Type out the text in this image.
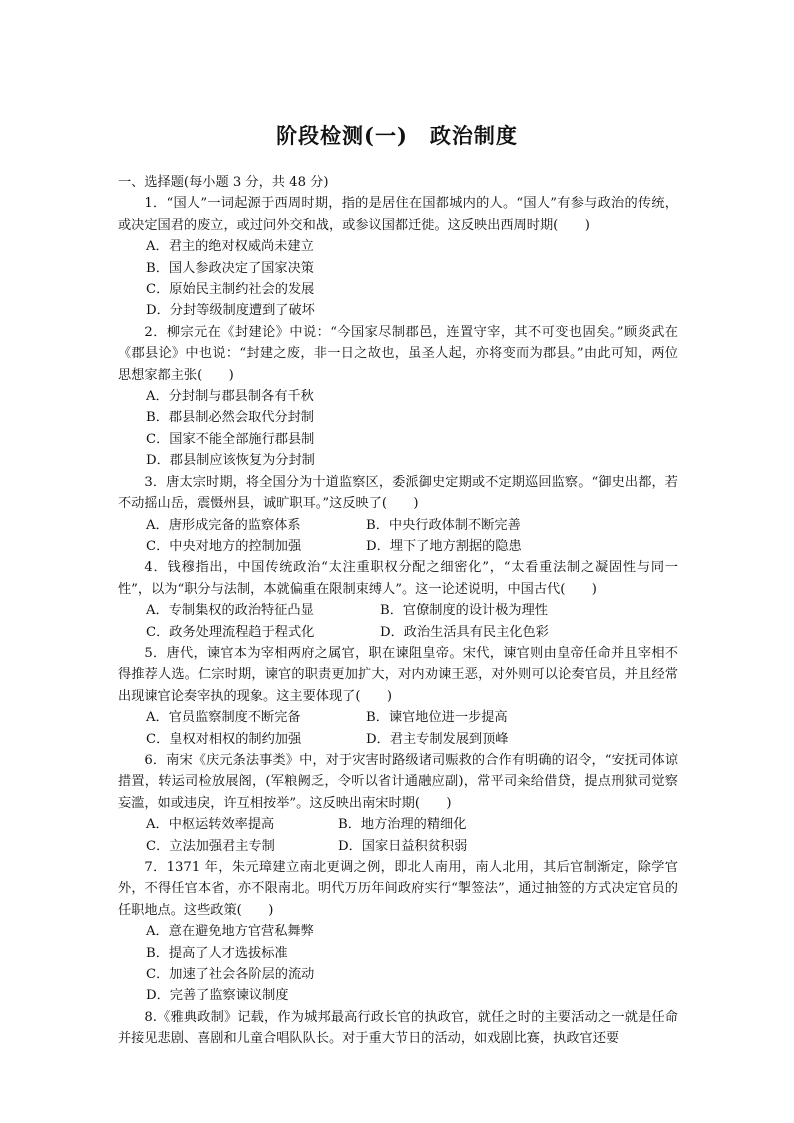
阶段检测(一)　政治制度

一、选择题(每小题 3 分，共 48 分)

1．“国人”一词起源于西周时期，指的是居住在国都城内的人。“国人”有参与政治的传统，或决定国君的废立，或过问外交和战，或参议国都迁徙。这反映出西周时期(　　)

A．君主的绝对权威尚未建立

B．国人参政决定了国家决策

C．原始民主制约社会的发展

D．分封等级制度遭到了破坏

2．柳宗元在《封建论》中说：“今国家尽制郡邑，连置守宰，其不可变也固矣。”顾炎武在《郡县论》中也说：“封建之废，非一日之故也，虽圣人起，亦将变而为郡县。”由此可知，两位思想家都主张(　　)

A．分封制与郡县制各有千秋

B．郡县制必然会取代分封制

C．国家不能全部施行郡县制

D．郡县制应该恢复为分封制

3．唐太宗时期，将全国分为十道监察区，委派御史定期或不定期巡回监察。“御史出都，若不动摇山岳，震慑州县，诚旷职耳。”这反映了(　　)

A．唐形成完备的监察体系	B．中央行政体制不断完善
C．中央对地方的控制加强	D．埋下了地方割据的隐患

4．钱穆指出，中国传统政治“太注重职权分配之细密化”，“太看重法制之凝固性与同一性”，以为“职分与法制，本就偏重在限制束缚人”。这一论述说明，中国古代(　　)

A．专制集权的政治特征凸显	B．官僚制度的设计极为理性
C．政务处理流程趋于程式化	D．政治生活具有民主化色彩

5．唐代，谏官本为宰相两府之属官，职在谏阻皇帝。宋代，谏官则由皇帝任命并且宰相不得推荐人选。仁宗时期，谏官的职责更加扩大，对内劝谏王恶，对外则可以论奏官员，并且经常出现谏官论奏宰执的现象。这主要体现了(　　)

A．官员监察制度不断完备	B．谏官地位进一步提高
C．皇权对相权的制约加强	D．君主专制发展到顶峰

6．南宋《庆元条法事类》中，对于灾害时路级诸司赈救的合作有明确的诏令，“安抚司体谅措置，转运司检放展阁，(军粮阙乏，令听以省计通融应副)，常平司籴给借贷，提点刑狱司觉察妄滥，如或违戾，许互相按举”。这反映出南宋时期(　　)

A．中枢运转效率提高	B．地方治理的精细化
C．立法加强君主专制	D．国家日益积贫积弱

7．1371 年，朱元璋建立南北更调之例，即北人南用，南人北用，其后官制渐定，除学官外，不得任官本省，亦不限南北。明代万历年间政府实行“掣签法”，通过抽签的方式决定官员的任职地点。这些政策(　　)

A．意在避免地方官营私舞弊

B．提高了人才选拔标准

C．加速了社会各阶层的流动

D．完善了监察谏议制度

8.《雅典政制》记载，作为城邦最高行政长官的执政官，就任之时的主要活动之一就是任命并接见悲剧、喜剧和儿童合唱队队长。对于重大节日的活动，如戏剧比赛，执政官还要
